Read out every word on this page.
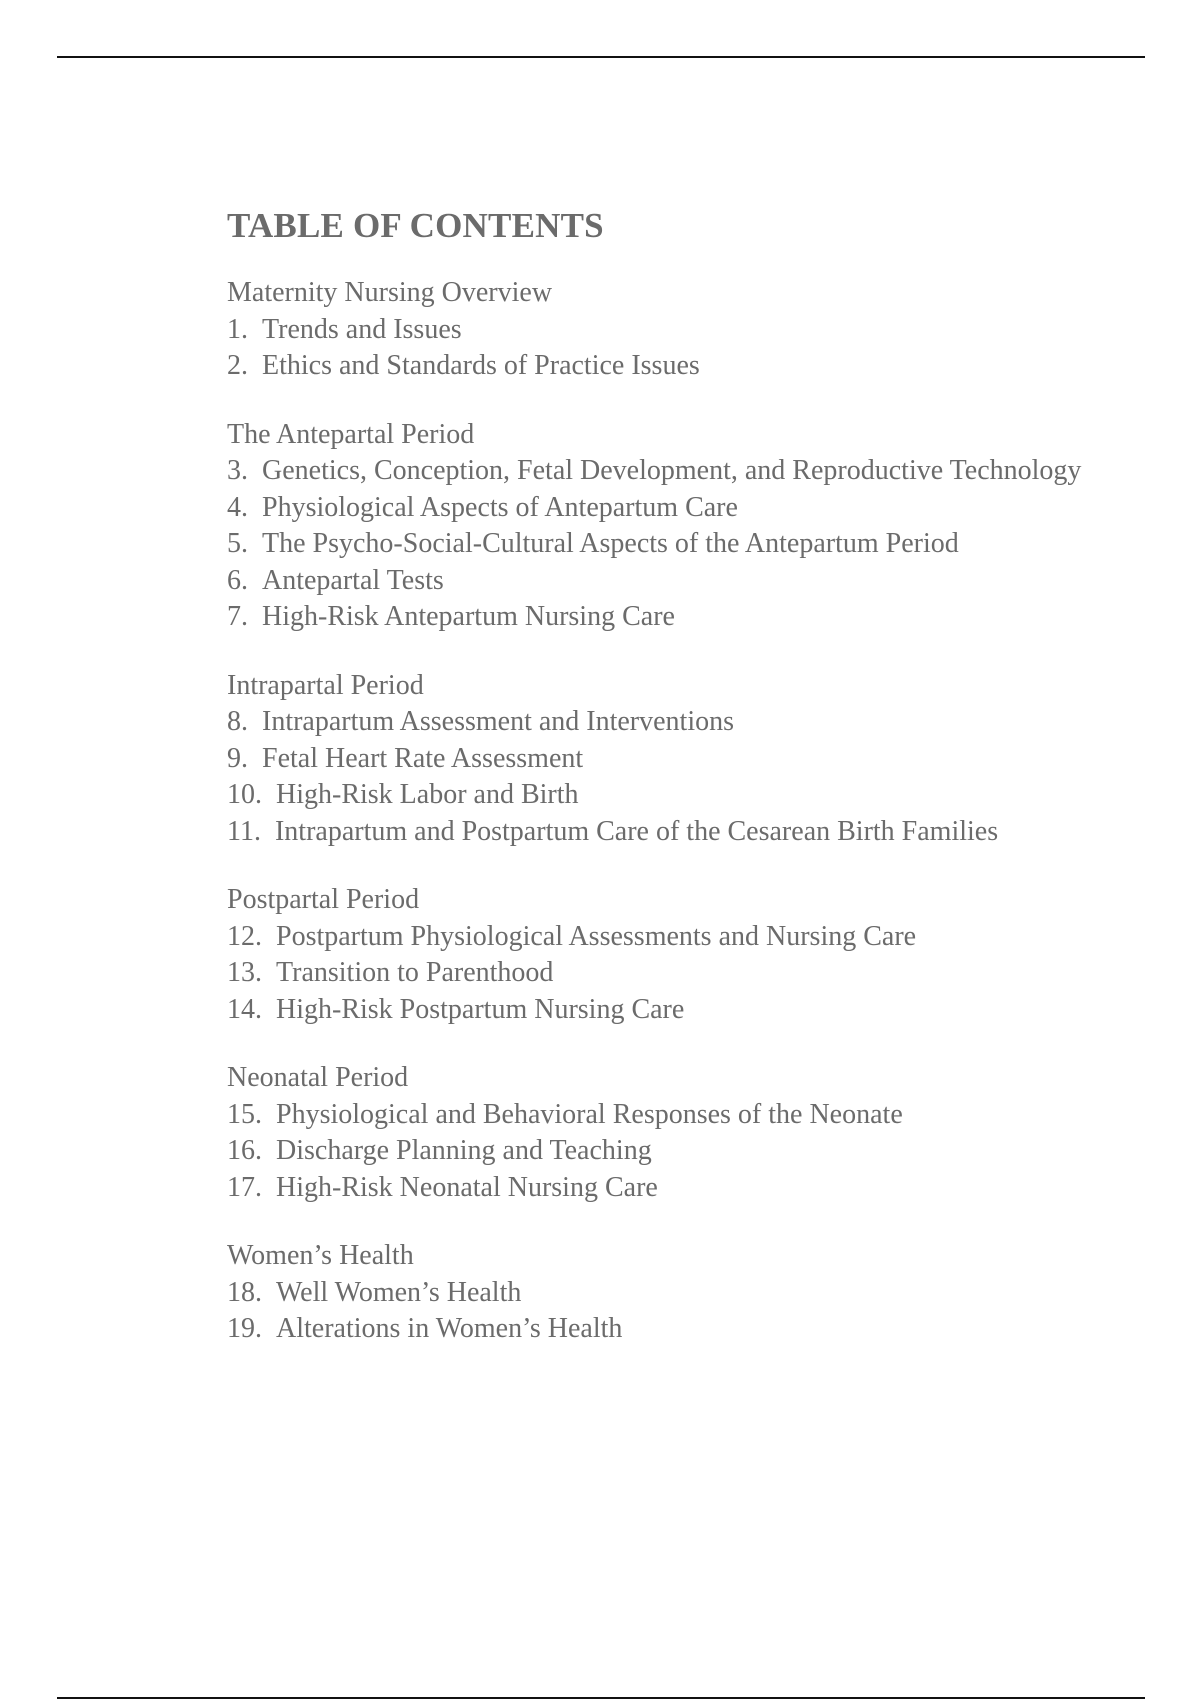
TABLE OF CONTENTS
Maternity Nursing Overview
1. Trends and Issues
2. Ethics and Standards of Practice Issues
The Antepartal Period
3. Genetics, Conception, Fetal Development, and Reproductive Technology
4. Physiological Aspects of Antepartum Care
5. The Psycho-Social-Cultural Aspects of the Antepartum Period
6. Antepartal Tests
7. High-Risk Antepartum Nursing Care
Intrapartal Period
8. Intrapartum Assessment and Interventions
9. Fetal Heart Rate Assessment
10. High-Risk Labor and Birth
11. Intrapartum and Postpartum Care of the Cesarean Birth Families
Postpartal Period
12. Postpartum Physiological Assessments and Nursing Care
13. Transition to Parenthood
14. High-Risk Postpartum Nursing Care
Neonatal Period
15. Physiological and Behavioral Responses of the Neonate
16. Discharge Planning and Teaching
17. High-Risk Neonatal Nursing Care
Women’s Health
18. Well Women’s Health
19. Alterations in Women’s Health
